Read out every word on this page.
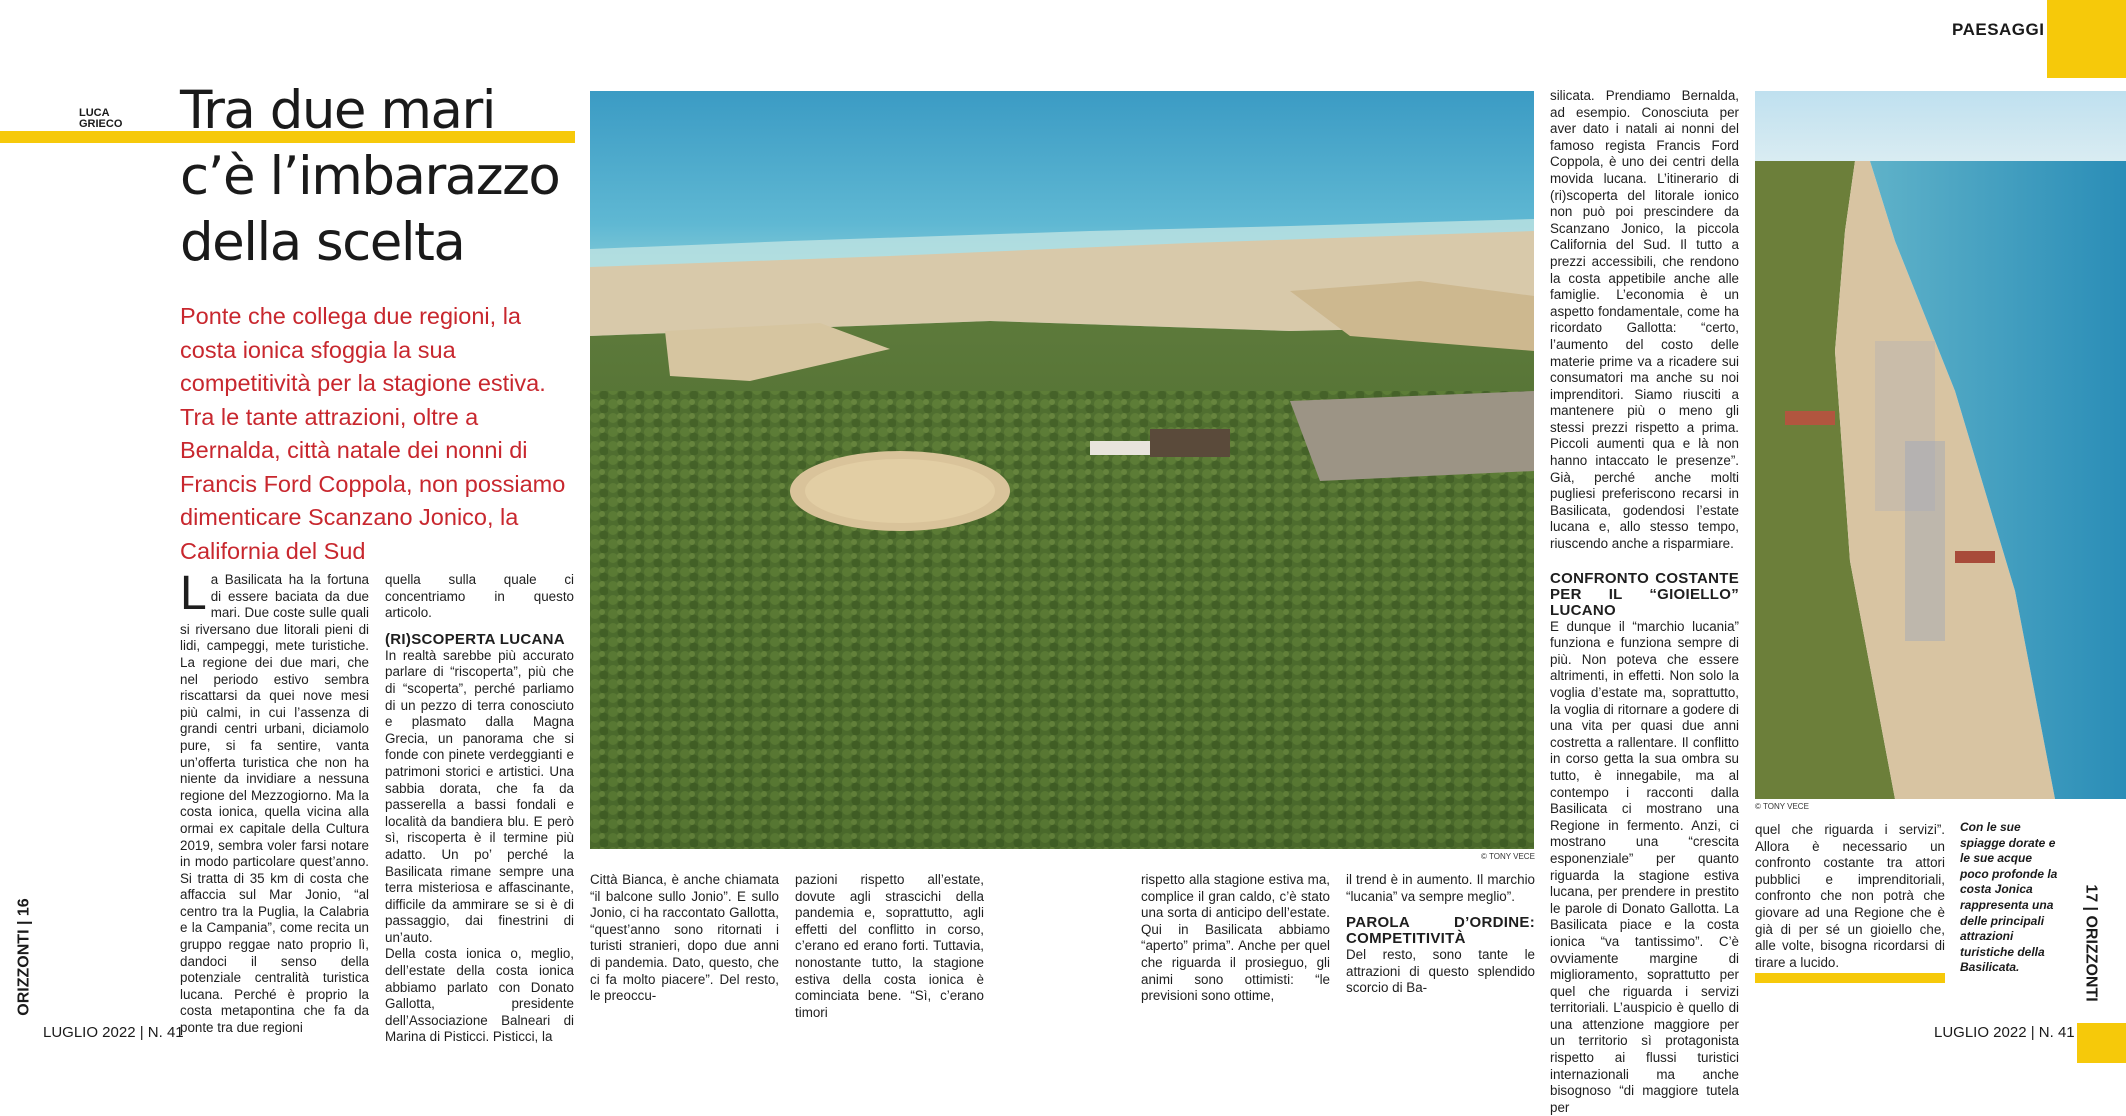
PAESAGGI
LUCA
GRIECO Tra due mari
c’è l’imbarazzo
della scelta

Ponte che collega due regioni, la costa ionica sfoggia la sua competitività per la stagione estiva. Tra le tante attrazioni, oltre a Bernalda, città natale dei nonni di Francis Ford Coppola, non possiamo dimenticare Scanzano Jonico, la California del Sud

© TONY VECE
© TONY VECE
L a Basilicata ha la fortuna di essere baciata da due mari. Due coste sulle quali si riversano due litorali pieni di lidi, campeggi, mete turistiche. La regione dei due mari, che nel periodo estivo sembra riscattarsi da quei nove mesi più calmi, in cui l’assenza di grandi centri urbani, diciamolo pure, si fa sentire, vanta un’offerta turistica che non ha niente da invidiare a nessuna regione del Mezzogiorno. Ma la costa ionica, quella vicina alla ormai ex capitale della Cultura 2019, sembra voler farsi notare in modo particolare quest’anno. Si tratta di 35 km di costa che affaccia sul Mar Jonio, “al centro tra la Puglia, la Calabria e la Campania”, come recita un gruppo reggae nato proprio lì, dandoci il senso della potenziale centralità turistica lucana. Perché è proprio la costa metapontina che fa da ponte tra due regioni

quella sulla quale ci concentriamo in questo articolo.

(RI)SCOPERTA LUCANA

In realtà sarebbe più accurato parlare di “riscoperta”, più che di “scoperta”, perché parliamo di un pezzo di terra conosciuto e plasmato dalla Magna Grecia, un panorama che si fonde con pinete verdeggianti e patrimoni storici e artistici. Una sabbia dorata, che fa da passerella a bassi fondali e località da bandiera blu. E però sì, riscoperta è il termine più adatto. Un po’ perché la Basilicata rimane sempre una terra misteriosa e affascinante, difficile da ammirare se si è di passaggio, dai finestrini di un’auto.

Della costa ionica o, meglio, dell’estate della costa ionica abbiamo parlato con Donato Gallotta, presidente dell’Associazione Balneari di Marina di Pisticci. Pisticci, la

Città Bianca, è anche chiamata “il balcone sullo Jonio”. E sullo Jonio, ci ha raccontato Gallotta, “quest’anno sono ritornati i turisti stranieri, dopo due anni di pandemia. Dato, questo, che ci fa molto piacere”. Del resto, le preoccu-

pazioni rispetto all’estate, dovute agli strascichi della pandemia e, soprattutto, agli effetti del conflitto in corso, c’erano ed erano forti. Tuttavia, nonostante tutto, la stagione estiva della costa ionica è cominciata bene. “Sì, c’erano timori

rispetto alla stagione estiva ma, complice il gran caldo, c’è stato una sorta di anticipo dell’estate. Qui in Basilicata abbiamo “aperto” prima”. Anche per quel che riguarda il prosieguo, gli animi sono ottimisti: “le previsioni sono ottime,

il trend è in aumento. Il marchio “lucania” va sempre meglio”.

PAROLA D’ORDINE: COMPETITIVITÀ

Del resto, sono tante le attrazioni di questo splendido scorcio di Ba-

silicata. Prendiamo Bernalda, ad esempio. Conosciuta per aver dato i natali ai nonni del famoso regista Francis Ford Coppola, è uno dei centri della movida lucana. L’itinerario di (ri)scoperta del litorale ionico non può poi prescindere da Scanzano Jonico, la piccola California del Sud. Il tutto a prezzi accessibili, che rendono la costa appetibile anche alle famiglie. L’economia è un aspetto fondamentale, come ha ricordato Gallotta: “certo, l’aumento del costo delle materie prime va a ricadere sui consumatori ma anche su noi imprenditori. Siamo riusciti a mantenere più o meno gli stessi prezzi rispetto a prima. Piccoli aumenti qua e là non hanno intaccato le presenze”. Già, perché anche molti pugliesi preferiscono recarsi in Basilicata, godendosi l’estate lucana e, allo stesso tempo, riuscendo anche a risparmiare.

CONFRONTO COSTANTE PER IL “GIOIELLO” LUCANO

E dunque il “marchio lucania” funziona e funziona sempre di più. Non poteva che essere altrimenti, in effetti. Non solo la voglia d’estate ma, soprattutto, la voglia di ritornare a godere di una vita per quasi due anni costretta a rallentare. Il conflitto in corso getta la sua ombra su tutto, è innegabile, ma al contempo i racconti dalla Basilicata ci mostrano una Regione in fermento. Anzi, ci mostrano una “crescita esponenziale” per quanto riguarda la stagione estiva lucana, per prendere in prestito le parole di Donato Gallotta. La Basilicata piace e la costa ionica “va tantissimo”. C’è ovviamente margine di miglioramento, soprattutto per quel che riguarda i servizi territoriali. L’auspicio è quello di una attenzione maggiore per un territorio sì protagonista rispetto ai flussi turistici internazionali ma anche bisognoso “di maggiore tutela per

quel che riguarda i servizi”. Allora è necessario un confronto costante tra attori pubblici e imprenditoriali, confronto che non potrà che giovare ad una Regione che è già di per sé un gioiello che, alle volte, bisogna ricordarsi di tirare a lucido.

Con le sue spiagge dorate e le sue acque poco profonde la costa Jonica rappresenta una delle principali attrazioni turistiche della Basilicata.
LUGLIO 2022 | N. 41	LUGLIO 2022 | N. 41
ORIZZONTI | 16	17 | ORIZZONTI
